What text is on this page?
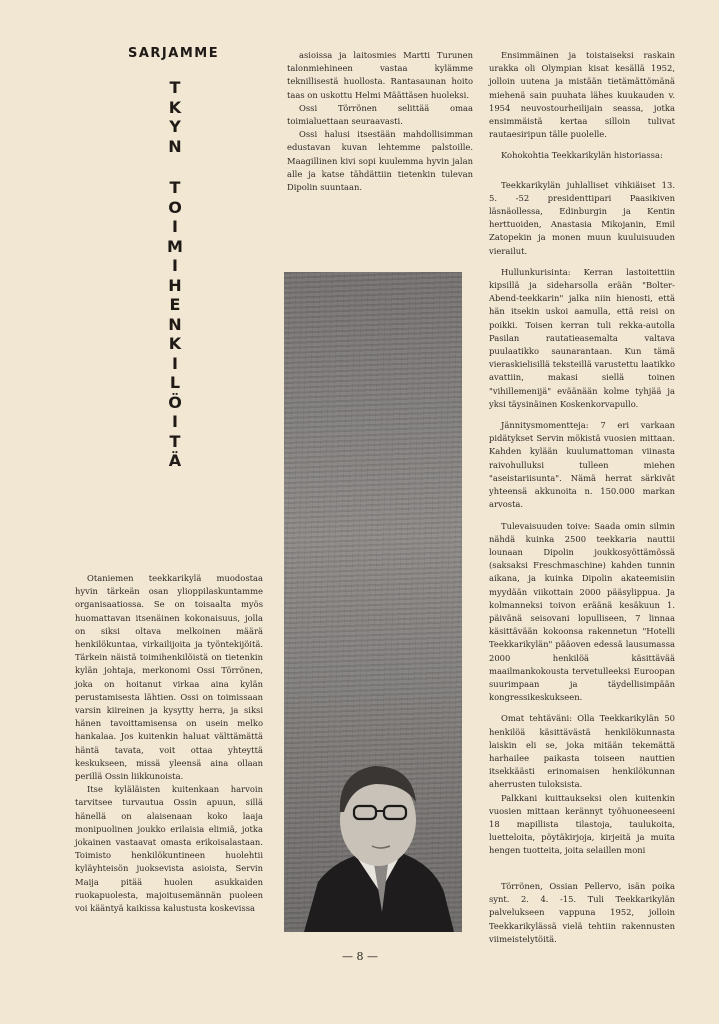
SARJAMME
T
K
Y
N
T
O
I
M
I
H
E
N
K
I
L
Ö
I
T
Ä

Otaniemen teekkarikylä muodostaa hyvin tärkeän osan ylioppilaskuntamme organisaatiossa. Se on toisaalta myös huomattavan itsenäinen kokonaisuus, jolla on siksi oltava melkoinen määrä henkilökuntaa, virkailijoita ja työntekijöitä. Tärkein näistä toimihenkilöistä on tietenkin kylän johtaja, merkonomi Ossi Törrönen, joka on hoitanut virkaa aina kylän perustamisesta lähtien. Ossi on toimissaan varsin kiireinen ja kysytty herra, ja siksi hänen tavoittamisensa on usein melko hankalaa. Jos kuitenkin haluat välttämättä häntä tavata, voit ottaa yhteyttä keskukseen, missä yleensä aina ollaan perillä Ossin liikkunoista.

Itse kyläläisten kuitenkaan harvoin tarvitsee turvautua Ossin apuun, sillä hänellä on alaisenaan koko laaja monipuolinen joukko erilaisia elimiä, jotka jokainen vastaavat omasta erikoisalastaan. Toimisto henkilökuntineen huolehtii kyläyhteisön juoksevista asioista, Servin Maija pitää huolen asukkaiden ruokapuolesta, majoitusemännän puoleen voi kääntyä kaikissa kalustusta koskevissa

asioissa ja laitosmies Martti Turunen talonmiehineen vastaa kylämme teknillisestä huollosta. Rantasaunan hoito taas on uskottu Helmi Määttäsen huoleksi.

Ossi Törrönen selittää omaa toimialuettaan seuraavasti.

Ossi halusi itsestään mahdollisimman edustavan kuvan lehtemme palstoille. Maagillinen kivi sopi kuulemma hyvin jalan alle ja katse tähdättiin tietenkin tulevan Dipolin suuntaan.

Ensimmäinen ja toistaiseksi raskain urakka oli Olympian kisat kesällä 1952, jolloin uutena ja mistään tietämättömänä miehenä sain puuhata lähes kuukauden v. 1954 neuvostourheilijain seassa, jotka ensimmäistä kertaa silloin tulivat rautaesiripun tälle puolelle.

Kohokohtia Teekkarikylän historiassa:

Teekkarikylän juhlalliset vihkiäiset 13. 5. -52 presidenttipari Paasikiven läsnäollessa, Edinburgin ja Kentin herttuoiden, Anastasia Mikojanin, Emil Zatopekin ja monen muun kuuluisuuden vierailut.

Hullunkurisinta: Kerran lastoitettiin kipsillä ja sideharsolla erään "Bolter-Abend-teekkarin" jalka niin hienosti, että hän itsekin uskoi aamulla, että reisi on poikki. Toisen kerran tuli rekka-autolla Pasilan rautatieasemalta valtava puulaatikko saunarantaan. Kun tämä vieraskielisillä teksteillä varustettu laatikko avattiin, makasi siellä toinen "vihillemenijä" eväänään kolme tyhjää ja yksi täysinäinen Koskenkorvapullo.

Jännitysmomentteja: 7 eri varkaan pidätykset Servin mökistä vuosien mittaan. Kahden kylään kuulumattoman viinasta raivohulluksi tulleen miehen "aseistariisunta". Nämä herrat särkivät yhteensä akkunoita n. 150.000 markan arvosta.

Tulevaisuuden toive: Saada omin silmin nähdä kuinka 2500 teekkaria nauttii lounaan Dipolin joukkosyöttämössä (saksaksi Freschmaschine) kahden tunnin aikana, ja kuinka Dipolin akateemisiin myydään viikottain 2000 pääsylippua. Ja kolmanneksi toivon eräänä kesäkuun 1. päivänä seisovani lopulliseen, 7 linnaa käsittävään kokoonsa rakennetun "Hotelli Teekkarikylän" pääoven edessä lausumassa 2000 henkilöä käsittävää maailmankokousta tervetulleeksi Euroopan suurimpaan ja täydellisimpään kongressikeskukseen.

Omat tehtäväni: Olla Teekkarikylän 50 henkilöä käsittävästä henkilökunnasta laiskin eli se, joka mitään tekemättä harhailee paikasta toiseen nauttien itsekkäästi erinomaisen henkilökunnan aherrusten tuloksista.

Palkkani kuittaukseksi olen kuitenkin vuosien mittaan kerännyt työhuoneeseeni 18 mapillista tilastoja, taulukoita, luetteloita, pöytäkirjoja, kirjeitä ja muita hengen tuotteita, joita selaillen moni

Törrönen, Ossian Pellervo, isän poika synt. 2. 4. -15. Tuli Teekkarikylän palvelukseen vappuna 1952, jolloin Teekkarikylässä vielä tehtiin rakennusten viimeistelytöitä.

— 8 —
